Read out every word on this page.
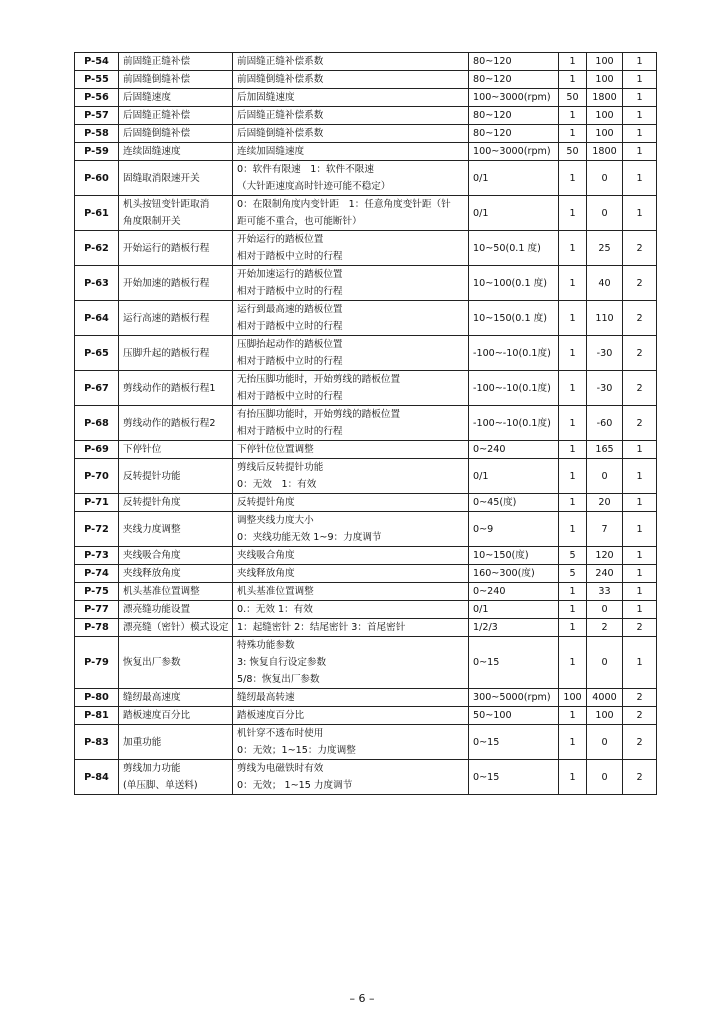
P-54	前固缝正缝补偿	前固缝正缝补偿系数	80~120	1	100	1
P-55	前固缝倒缝补偿	前固缝倒缝补偿系数	80~120	1	100	1
P-56	后固缝速度	后加固缝速度	100~3000(rpm)	50	1800	1
P-57	后固缝正缝补偿	后固缝正缝补偿系数	80~120	1	100	1
P-58	后固缝倒缝补偿	后固缝倒缝补偿系数	80~120	1	100	1
P-59	连续固缝速度	连续加固缝速度	100~3000(rpm)	50	1800	1
P-60	固缝取消限速开关	0：软件有限速　1：软件不限速
（大针距速度高时针迹可能不稳定）	0/1	1	0	1
P-61	机头按钮变针距取消
角度限制开关	0：在限制角度内变针距　1：任意角度变针距（针
距可能不重合，也可能断针）	0/1	1	0	1
P-62	开始运行的踏板行程	开始运行的踏板位置
相对于踏板中立时的行程	10~50(0.1 度)	1	25	2
P-63	开始加速的踏板行程	开始加速运行的踏板位置
相对于踏板中立时的行程	10~100(0.1 度)	1	40	2
P-64	运行高速的踏板行程	运行到最高速的踏板位置
相对于踏板中立时的行程	10~150(0.1 度)	1	110	2
P-65	压脚升起的踏板行程	压脚抬起动作的踏板位置
相对于踏板中立时的行程	-100~-10(0.1度)	1	-30	2
P-67	剪线动作的踏板行程1	无抬压脚功能时，开始剪线的踏板位置
相对于踏板中立时的行程	-100~-10(0.1度)	1	-30	2
P-68	剪线动作的踏板行程2	有抬压脚功能时，开始剪线的踏板位置
相对于踏板中立时的行程	-100~-10(0.1度)	1	-60	2
P-69	下停针位	下停针位位置调整	0~240	1	165	1
P-70	反转提针功能	剪线后反转提针功能
0：无效　1：有效	0/1	1	0	1
P-71	反转提针角度	反转提针角度	0~45(度)	1	20	1
P-72	夹线力度调整	调整夹线力度大小
0：夹线功能无效 1~9：力度调节	0~9	1	7	1
P-73	夹线吸合角度	夹线吸合角度	10~150(度)	5	120	1
P-74	夹线释放角度	夹线释放角度	160~300(度)	5	240	1
P-75	机头基准位置调整	机头基准位置调整	0~240	1	33	1
P-77	漂亮缝功能设置	0.：无效 1：有效	0/1	1	0	1
P-78	漂亮缝（密针）模式设定	1：起缝密针 2：结尾密针 3：首尾密针	1/2/3	1	2	2
P-79	恢复出厂参数	特殊功能参数
3: 恢复自行设定参数
5/8：恢复出厂参数	0~15	1	0	1
P-80	缝纫最高速度	缝纫最高转速	300~5000(rpm)	100	4000	2
P-81	踏板速度百分比	踏板速度百分比	50~100	1	100	2
P-83	加重功能	机针穿不透布时使用
0：无效；1~15：力度调整	0~15	1	0	2
P-84	剪线加力功能
(单压脚、单送料)	剪线为电磁铁时有效
0：无效； 1~15 力度调节	0~15	1	0	2
– 6 –
